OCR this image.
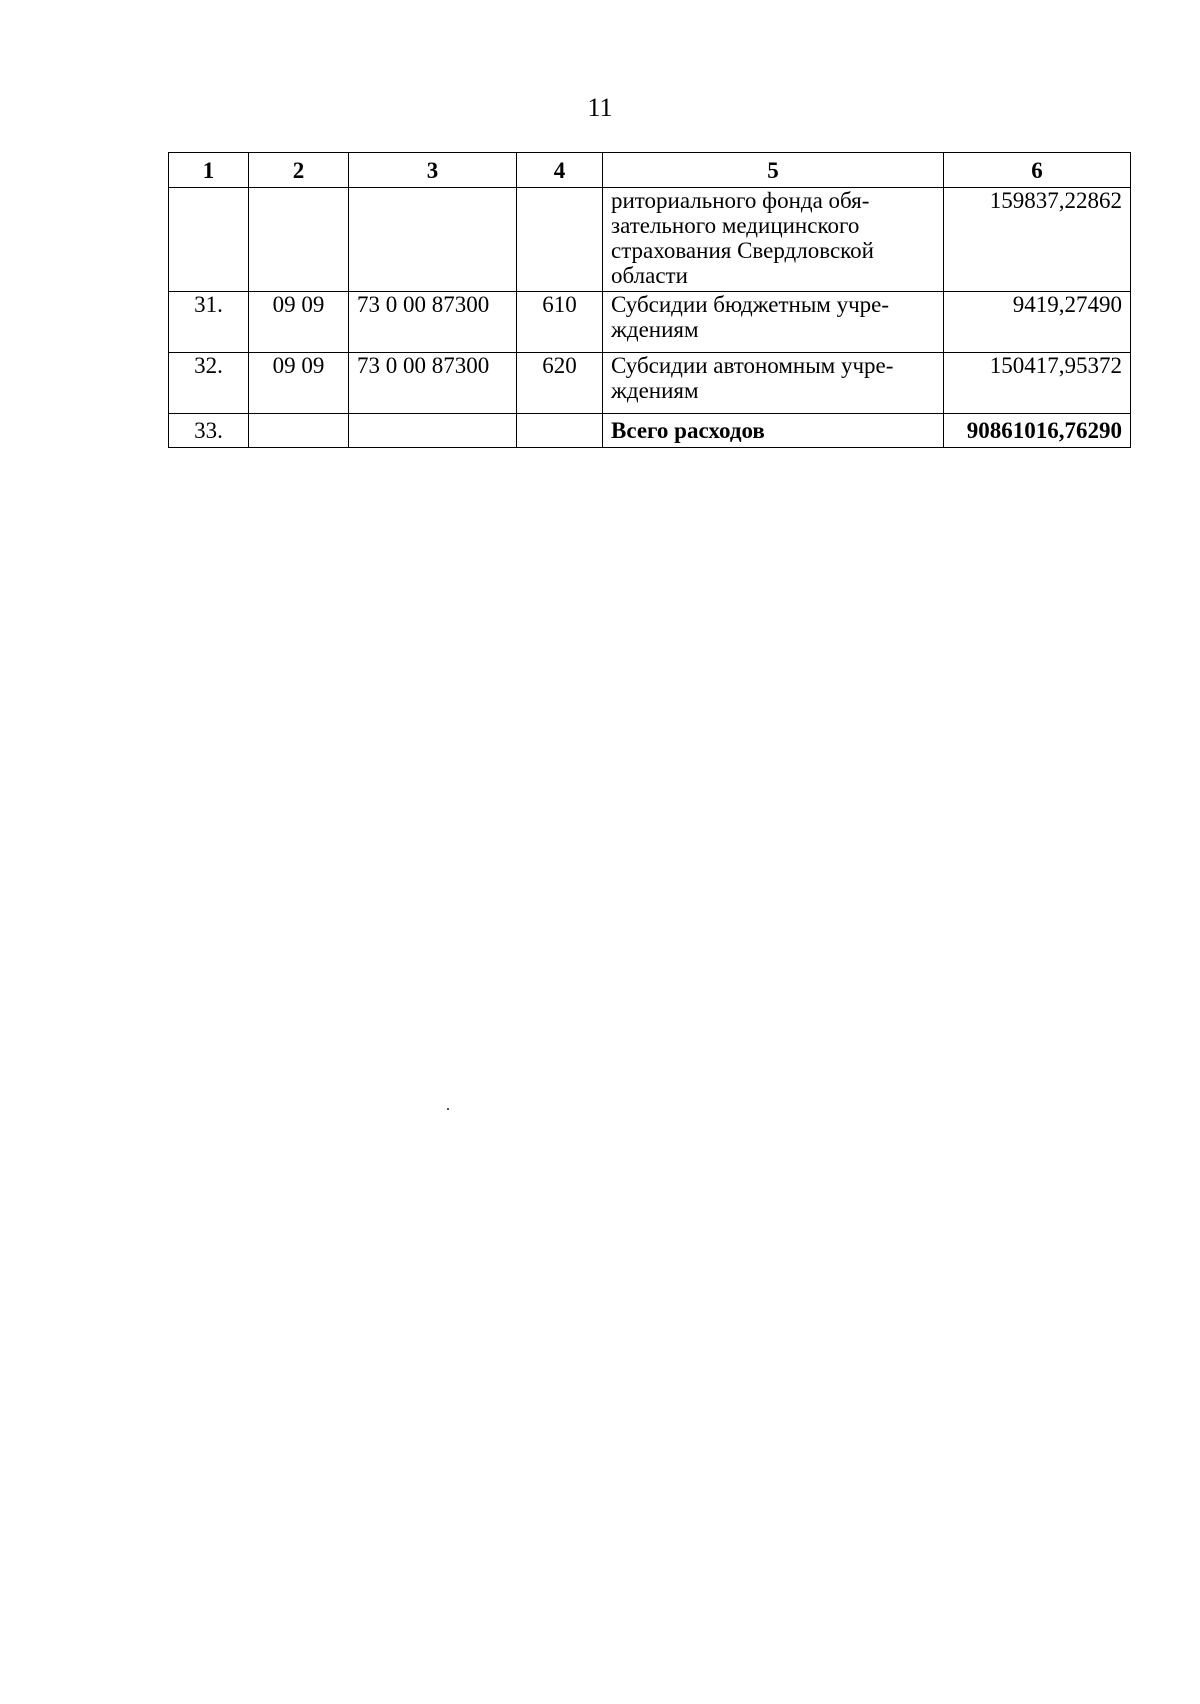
11
1	2	3	4	5	6
				риториального фонда обя-зательного медицинского страхования Свердловской области	159837,22862
31.	09 09	73 0 00 87300	610	Субсидии бюджетным учре-ждениям	9419,27490
32.	09 09	73 0 00 87300	620	Субсидии автономным учре-ждениям	150417,95372
33.				Всего расходов	90861016,76290
